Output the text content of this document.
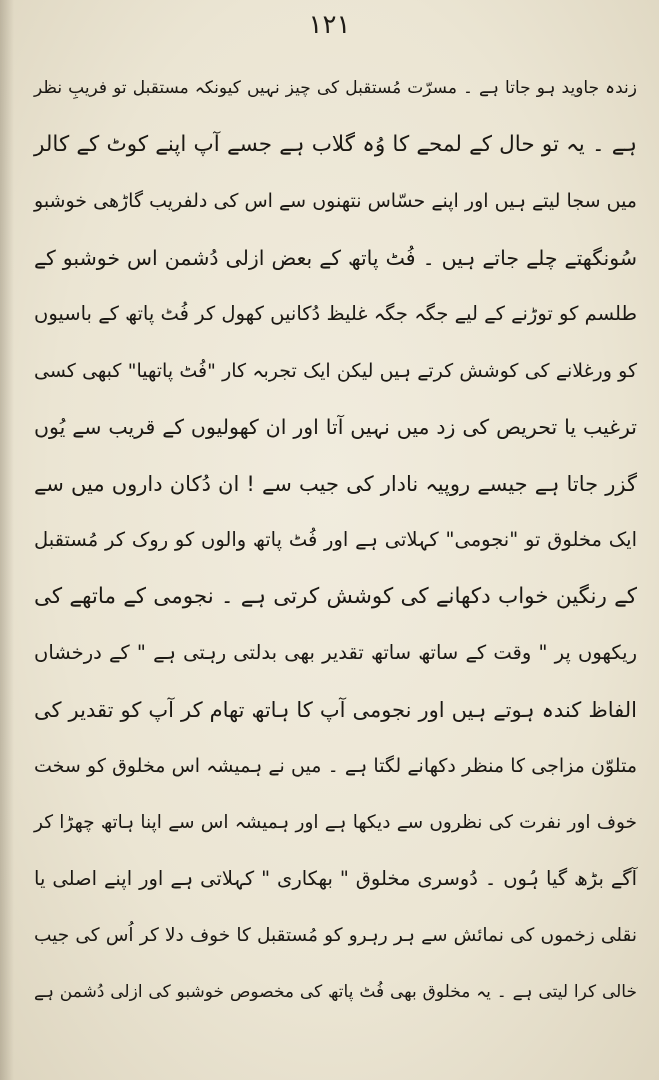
۱۲۱
زندہ جاوید ہو جاتا ہے ۔ مسرّت مُستقبل کی چیز نہیں کیونکہ مستقبل تو فریبِ نظر
ہے ۔ یہ تو حال کے لمحے کا وُہ گلاب ہے جسے آپ اپنے کوٹ کے کالر
میں سجا لیتے ہیں اور اپنے حسّاس نتھنوں سے اس کی دلفریب گاڑھی خوشبو
سُونگھتے چلے جاتے ہیں ۔ فُٹ پاتھ کے بعض ازلی دُشمن اس خوشبو کے
طلسم کو توڑنے کے لیے جگہ جگہ غلیظ دُکانیں کھول کر فُٹ پاتھ کے باسیوں
کو ورغلانے کی کوشش کرتے ہیں لیکن ایک تجربہ کار "فُٹ پاتھیا" کبھی کسی
ترغیب یا تحریص کی زد میں نہیں آتا اور ان کھولیوں کے قریب سے یُوں
گزر جاتا ہے جیسے روپیہ نادار کی جیب سے ! ان دُکان داروں میں سے
ایک مخلوق تو "نجومی" کہلاتی ہے اور فُٹ پاتھ والوں کو روک کر مُستقبل
کے رنگین خواب دکھانے کی کوشش کرتی ہے ۔ نجومی کے ماتھے کی
ریکھوں پر " وقت کے ساتھ ساتھ تقدیر بھی بدلتی رہتی ہے " کے درخشاں
الفاظ کندہ ہوتے ہیں اور نجومی آپ کا ہاتھ تھام کر آپ کو تقدیر کی
متلوّن مزاجی کا منظر دکھانے لگتا ہے ۔ میں نے ہمیشہ اس مخلوق کو سخت
خوف اور نفرت کی نظروں سے دیکھا ہے اور ہمیشہ اس سے اپنا ہاتھ چھڑا کر
آگے بڑھ گیا ہُوں ۔ دُوسری مخلوق " بھکاری " کہلاتی ہے اور اپنے اصلی یا
نقلی زخموں کی نمائش سے ہر رہرو کو مُستقبل کا خوف دلا کر اُس کی جیب
خالی کرا لیتی ہے ۔ یہ مخلوق بھی فُٹ پاتھ کی مخصوص خوشبو کی ازلی دُشمن ہے
